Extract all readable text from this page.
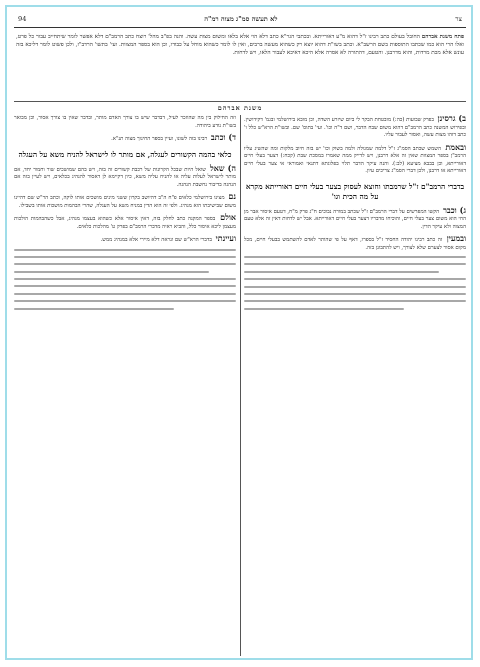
צר
לא תעשה סמ"ג מצוה רמ"ה
94
פתח משנת אברהם החובל בעולם כתב רבינו ז"ל דהוא מ"ע דאורייתא. ובכתבי הגר"א כתב דלא הוי אלא בלאו ומשום מצות עשה. והנה בפ"ב מהל' רוצח כתב הרמב"ם דלא אפשר לומר שיתחייב עבור כל פרט, ואלו הרי הוא כמו שכתבו התוספות בשם הרשב"א. וכתב בשו"ת דהוא יוצא רק כשהוא מעשה ברבים, ואין לו לומר כשהוא מוחל על כבודו, וכן הוא בספר המצוות. ועי' בתשו' הרדב"ז, ולכן פשוט לומר דליכא בזה עונש אלא מכת מרדות, והוא מדרבנן. והטעם, דהתורה לא אסרה אלא היכא דאיכא לעבור הלאו, ויש לדחות.
משנת אברהם

ב) גרסינן בפרק שבועות (כה:) מובטחת הבקר לי ביום שיזרע השדה, וכן מובא בירושלמי ובגמ' דקידושין. ובפירוש המשנה כתב הרמב"ם דהוא משום שבח הדבר, ושם ד"ה וכו'. ועי' בתוס' שם. ובשו"ת הרא"ש כלל ו' כתב דזהו מצות עשה, ואסור לעבור עליו.

ובאמת השמש שכתב הסמ"ג ז"ל דלמה שמגולה ולמה בשוק וכו' יש בזה חיוב מלקות ומה שהשיג עליו הרמב"ן בספר המצוות שאין זה אלא דרבנן, ויש לדייק ממה שאמרו במסכת שבת (קכח:) דצער בעלי חיים דאורייתא, וכן בבבא מציעא (לב:). והנה עיקר הדבר תלוי בפלוגתא דתנאי ואמוראי אי צער בעלי חיים דאורייתא או דרבנן, ולכן דברי הסמ"ג צריכים עיון.

בדברי הרמב"ם ז"ל שרמבתו וחוצא לעסוק בצער בעלי חיים דאורייתא מקרא על מה הכית וגו'

ג) וכבר הקשו המפרשים על דברי הרמב"ם ז"ל שכתב במורה נבוכים ח"ג פרק מ"ח, דטעם איסור אבר מן החי הוא משום צער בעלי חיים, והוכיחו מדבריו דצער בעלי חיים דאורייתא. אבל יש לדחות דאין זה אלא טעם המצוה ולא עיקר הדין.

ובמעין זה כתב רבינו יהודה החסיד ז"ל בספרו, דאף על פי שהותר לאדם להשתמש בבעלי חיים, מכל מקום אסור לצערם שלא לצורך, ויש להתבונן בזה.

וזה החילוק בין מה שהוזכר לעיל, דבדבר שיש בו צורך האדם מותר, ובדבר שאין בו צורך אסור, וכן מבואר בשו"ת נודע ביהודה.

ד) וכתב רבינו בזה לשונו, ועיין בספר החינוך מצוה תנ"א.

כלאי בהמה הקשורים לעגלה, אם מותר לו לישראל להניח משא על העגלה

ה) שאל שואל היות שבכל הקרונות של רכבת קשורים זה בזה, ויש בהם שמושכים שור וחמור יחד, אם מותר לישראל לעלות עליה או להניח עליה משא, כיון דקיימא לן דאסור להנהיג בכלאים, ויש לעיין בזה אם הנהגה בדיבור נחשבת הנהגה.

נם מצינו בירושלמי כלאים פ"ח ה"ב דהיושב בקרון ששני מינים מושכים אותו לוקה, וכתב הר"ש שם דהיינו משום שבישיבתו הוא מנהיג. ולפי זה הוא הדין במניח משא על העגלה, שהרי הבהמות מושכות אותו בשבילו.

אולם בספר המקנה כתב לחלק בזה, דאין איסור אלא כשהוא בעצמו מנהיג, אבל כשהבהמות הולכות מעצמן ליכא איסור כלל, והביא ראיה מדברי הרמב"ם בפרק ט' מהלכות כלאים.

ועיינתי בדברי הרא"ש שם ונראה דלא מיירי אלא במנהיג ממש.
